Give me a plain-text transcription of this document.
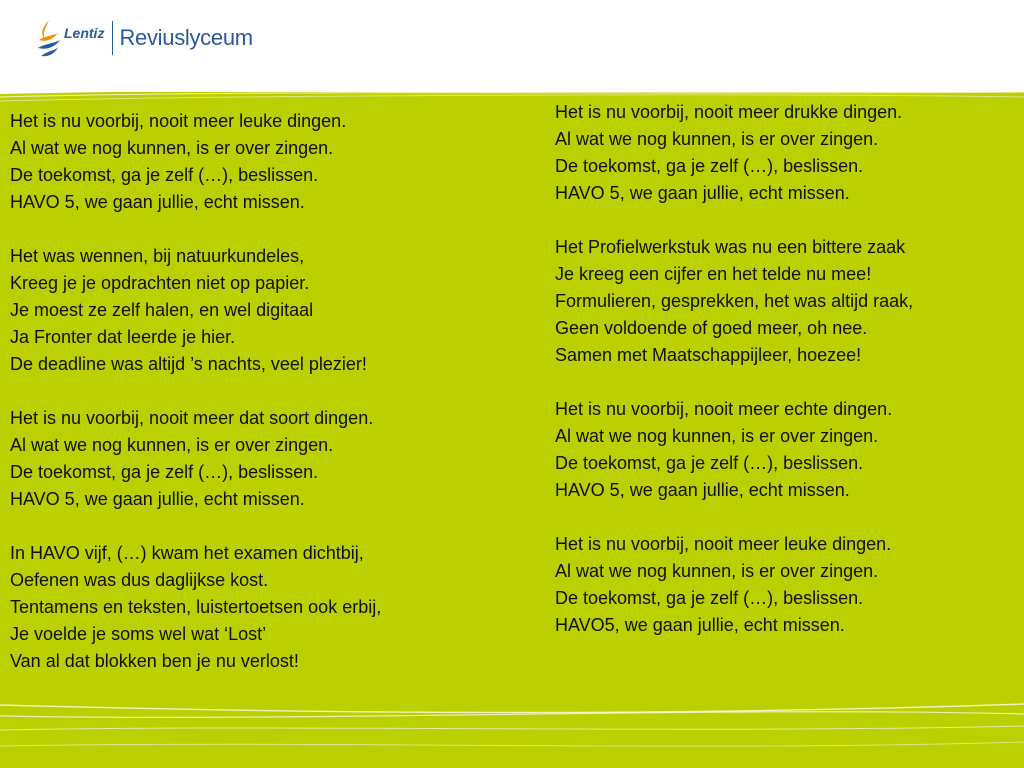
Lentiz Reviuslyceum
Het is nu voorbij, nooit meer leuke dingen.
Al wat we nog kunnen, is er over zingen.
De toekomst, ga je zelf (…), beslissen.
HAVO 5, we gaan jullie, echt missen.
Het was wennen, bij natuurkundeles,
Kreeg je je opdrachten niet op papier.
Je moest ze zelf halen, en wel digitaal
Ja Fronter dat leerde je hier.
De deadline was altijd ’s nachts, veel plezier!
Het is nu voorbij, nooit meer dat soort dingen.
Al wat we nog kunnen, is er over zingen.
De toekomst, ga je zelf (…), beslissen.
HAVO 5, we gaan jullie, echt missen.
In HAVO vijf, (…) kwam het examen dichtbij,
Oefenen was dus daglijkse kost.
Tentamens en teksten, luistertoetsen ook erbij,
Je voelde je soms wel wat ‘Lost’
Van al dat blokken ben je nu verlost!
Het is nu voorbij, nooit meer drukke dingen.
Al wat we nog kunnen, is er over zingen.
De toekomst, ga je zelf (…), beslissen.
HAVO 5, we gaan jullie, echt missen.
Het Profielwerkstuk was nu een bittere zaak
Je kreeg een cijfer en het telde nu mee!
Formulieren, gesprekken, het was altijd raak,
Geen voldoende of goed meer, oh nee.
Samen met Maatschappijleer, hoezee!
Het is nu voorbij, nooit meer echte dingen.
Al wat we nog kunnen, is er over zingen.
De toekomst, ga je zelf (…), beslissen.
HAVO 5, we gaan jullie, echt missen.
Het is nu voorbij, nooit meer leuke dingen.
Al wat we nog kunnen, is er over zingen.
De toekomst, ga je zelf (…), beslissen.
HAVO5, we gaan jullie, echt missen.
